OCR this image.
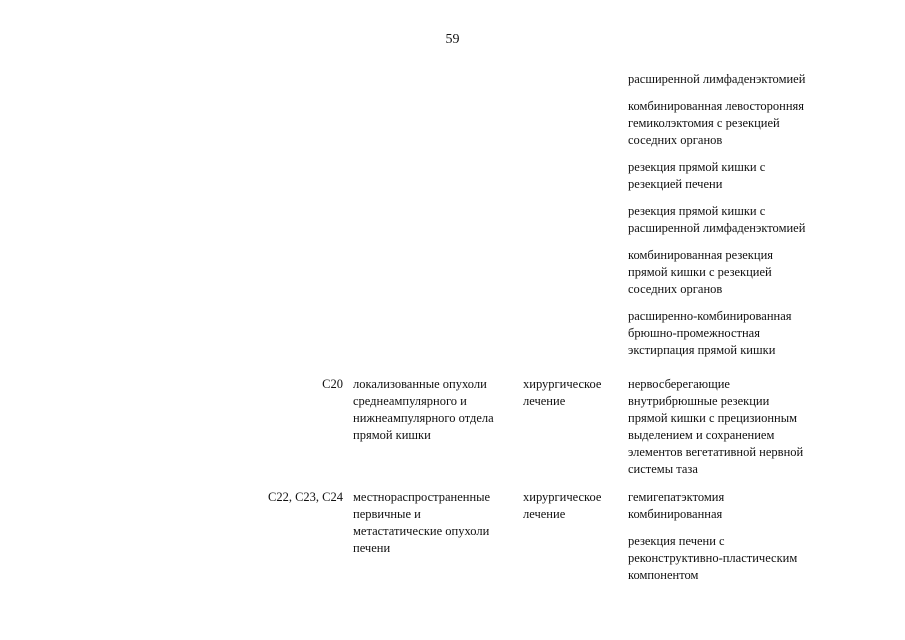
59
расширенной лимфаденэктомией
комбинированная левосторонняя
гемиколэктомия с резекцией
соседних органов
резекция прямой кишки с
резекцией печени
резекция прямой кишки с
расширенной лимфаденэктомией
комбинированная резекция
прямой кишки с резекцией
соседних органов
расширенно-комбинированная
брюшно-промежностная
экстирпация прямой кишки
C20 локализованные опухоли
среднеампулярного и
нижнеампулярного отдела
прямой кишки
хирургическое
лечение
нервосберегающие
внутрибрюшные резекции
прямой кишки с прецизионным
выделением и сохранением
элементов вегетативной нервной
системы таза
C22, C23, C24 местнораспространенные
первичные и
метастатические опухоли
печени
хирургическое
лечение
гемигепатэктомия
комбинированная
резекция печени с
реконструктивно-пластическим
компонентом
